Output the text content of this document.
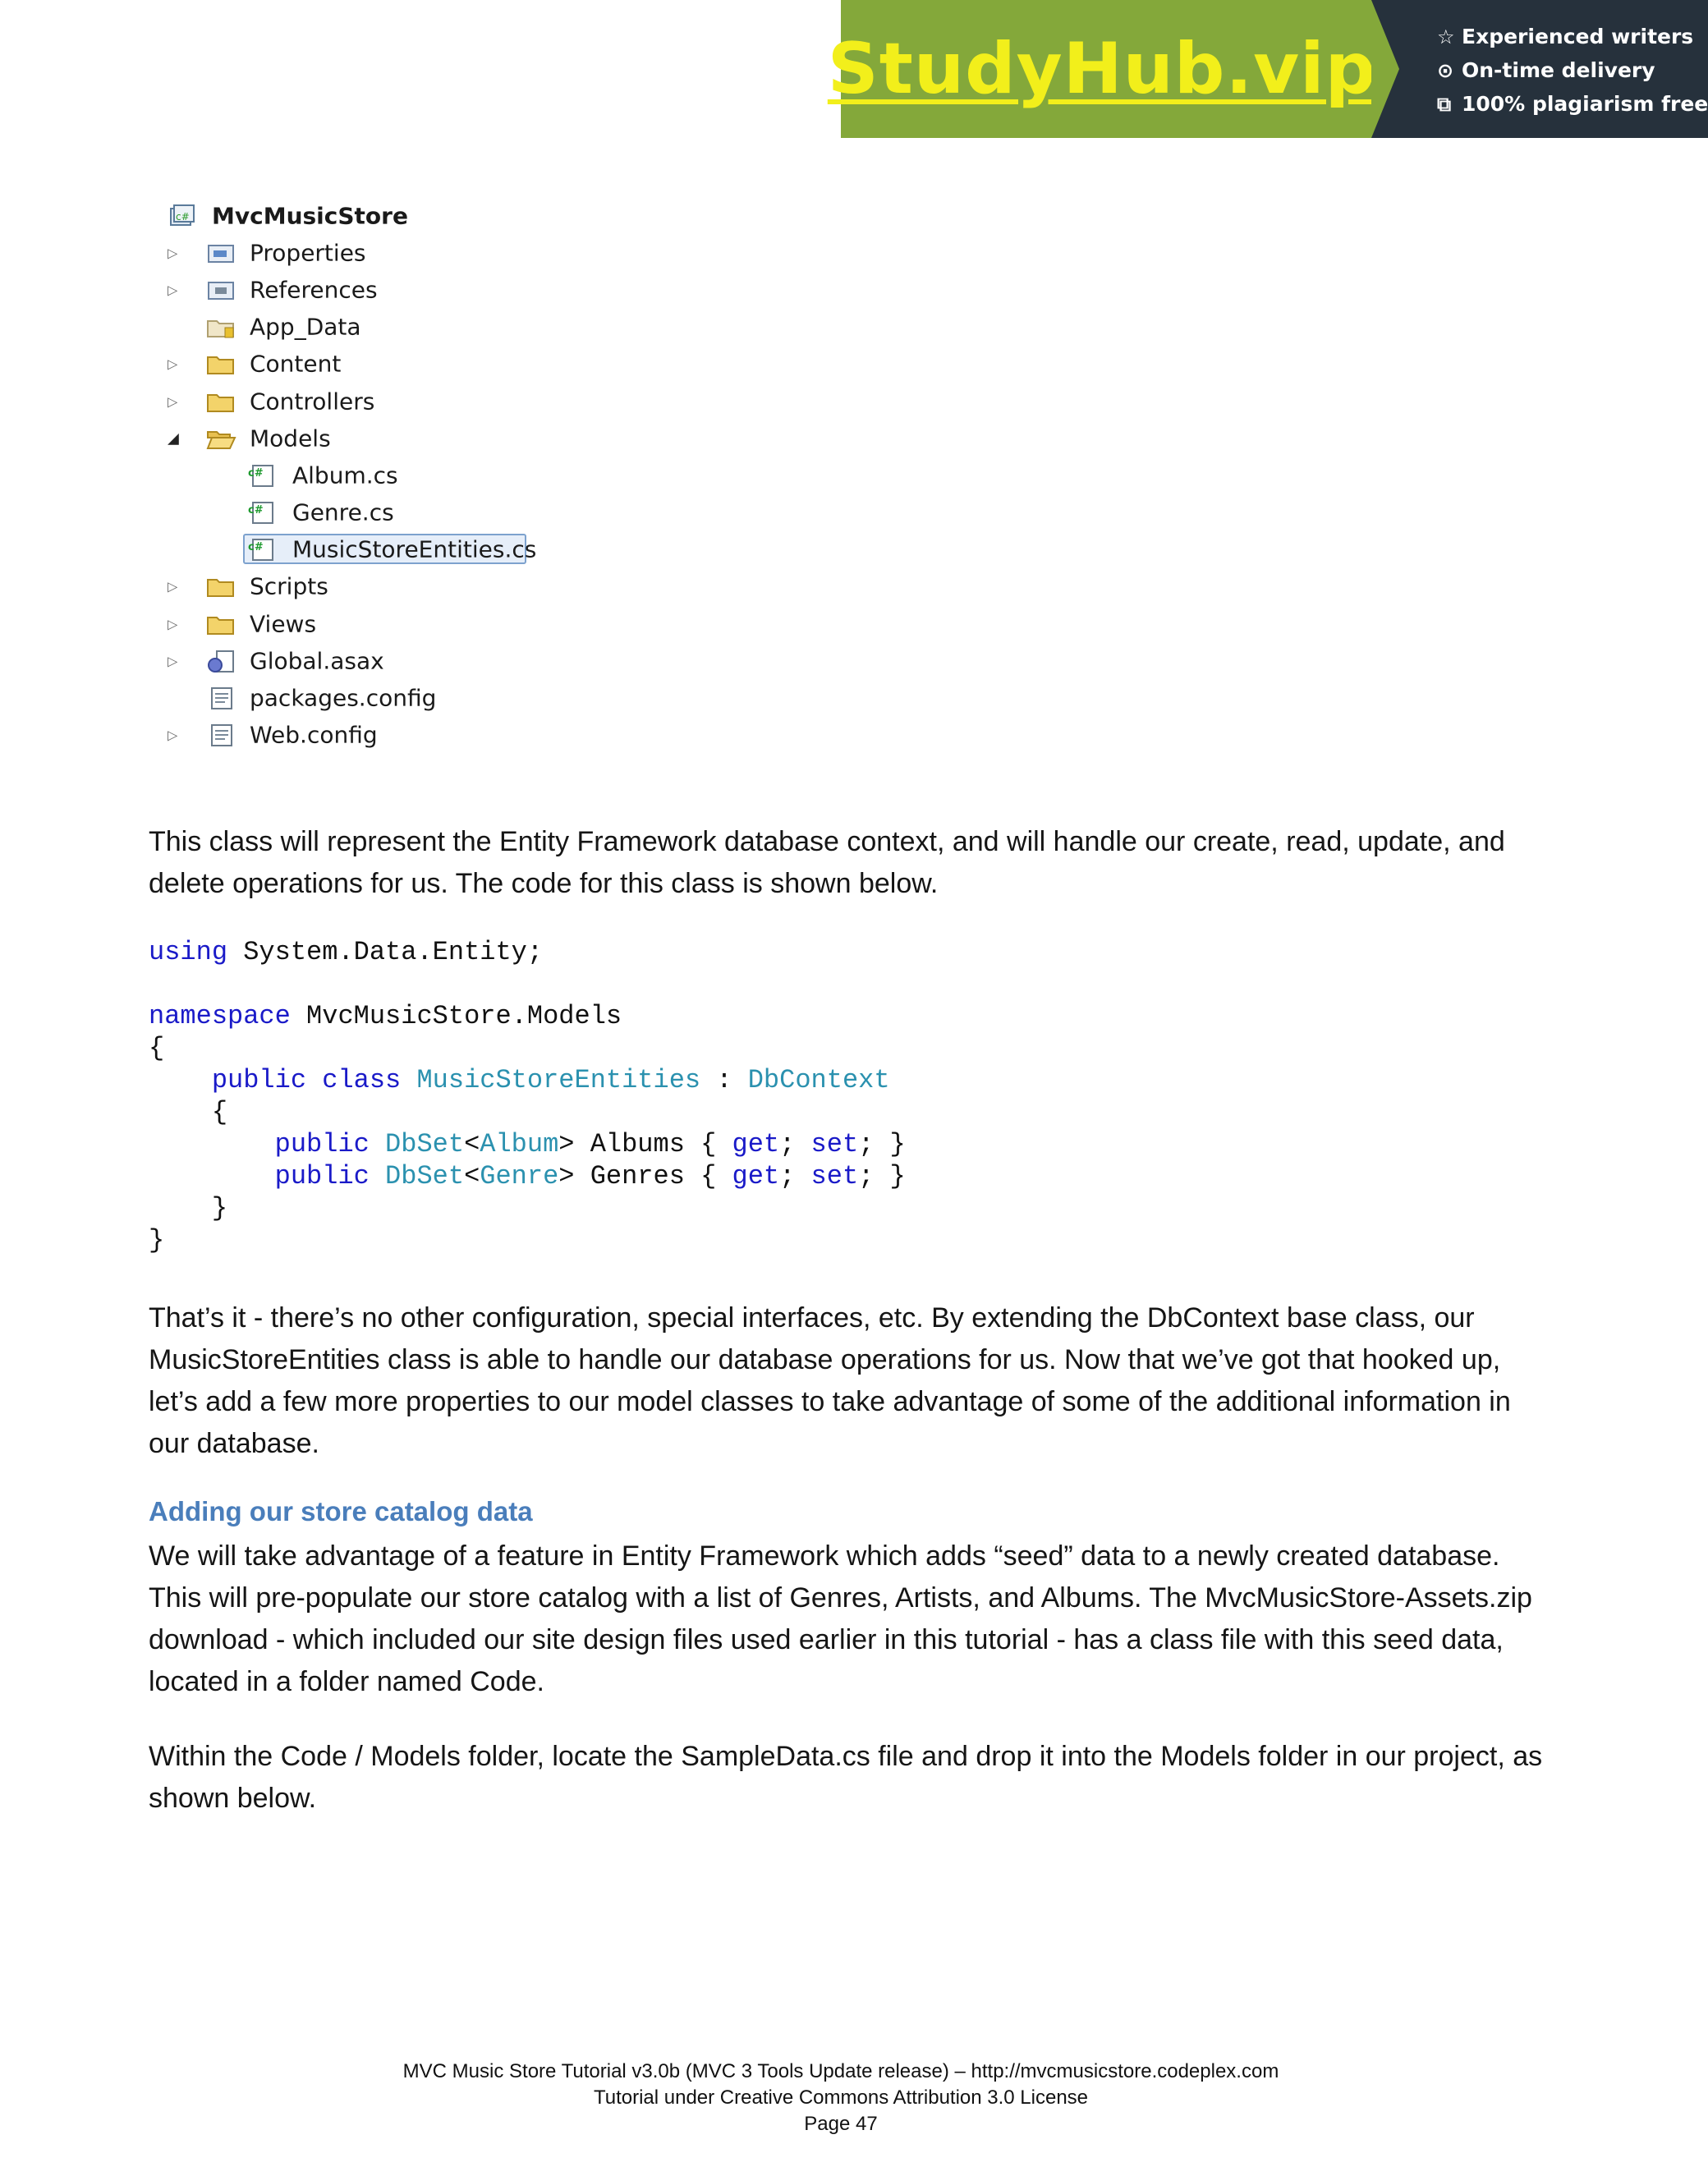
StudyHub.vip	☆ Experienced writers
⊙ On-time delivery
⧉ 100% plagiarism free
c# MvcMusicStore
▷	Properties
▷	References
App_Data
▷	Content
▷	Controllers
◢	Models
c# Album.cs
c# Genre.cs
c# MusicStoreEntities.cs
▷	Scripts
▷	Views
▷	Global.asax
packages.config
▷	Web.config

This class will represent the Entity Framework database context, and will handle our create, read, update, and delete operations for us. The code for this class is shown below.

using System.Data.Entity;
namespace MvcMusicStore.Models
{
public class MusicStoreEntities : DbContext
{
public DbSet<Album> Albums { get; set; }
public DbSet<Genre> Genres { get; set; }
}
}

That’s it - there’s no other configuration, special interfaces, etc. By extending the DbContext base class, our MusicStoreEntities class is able to handle our database operations for us. Now that we’ve got that hooked up, let’s add a few more properties to our model classes to take advantage of some of the additional information in our database.

Adding our store catalog data

We will take advantage of a feature in Entity Framework which adds “seed” data to a newly created database. This will pre-populate our store catalog with a list of Genres, Artists, and Albums. The MvcMusicStore-Assets.zip download - which included our site design files used earlier in this tutorial - has a class file with this seed data, located in a folder named Code.

Within the Code / Models folder, locate the SampleData.cs file and drop it into the Models folder in our project, as shown below.

MVC Music Store Tutorial v3.0b (MVC 3 Tools Update release) – http://mvcmusicstore.codeplex.com
Tutorial under Creative Commons Attribution 3.0 License
Page 47
